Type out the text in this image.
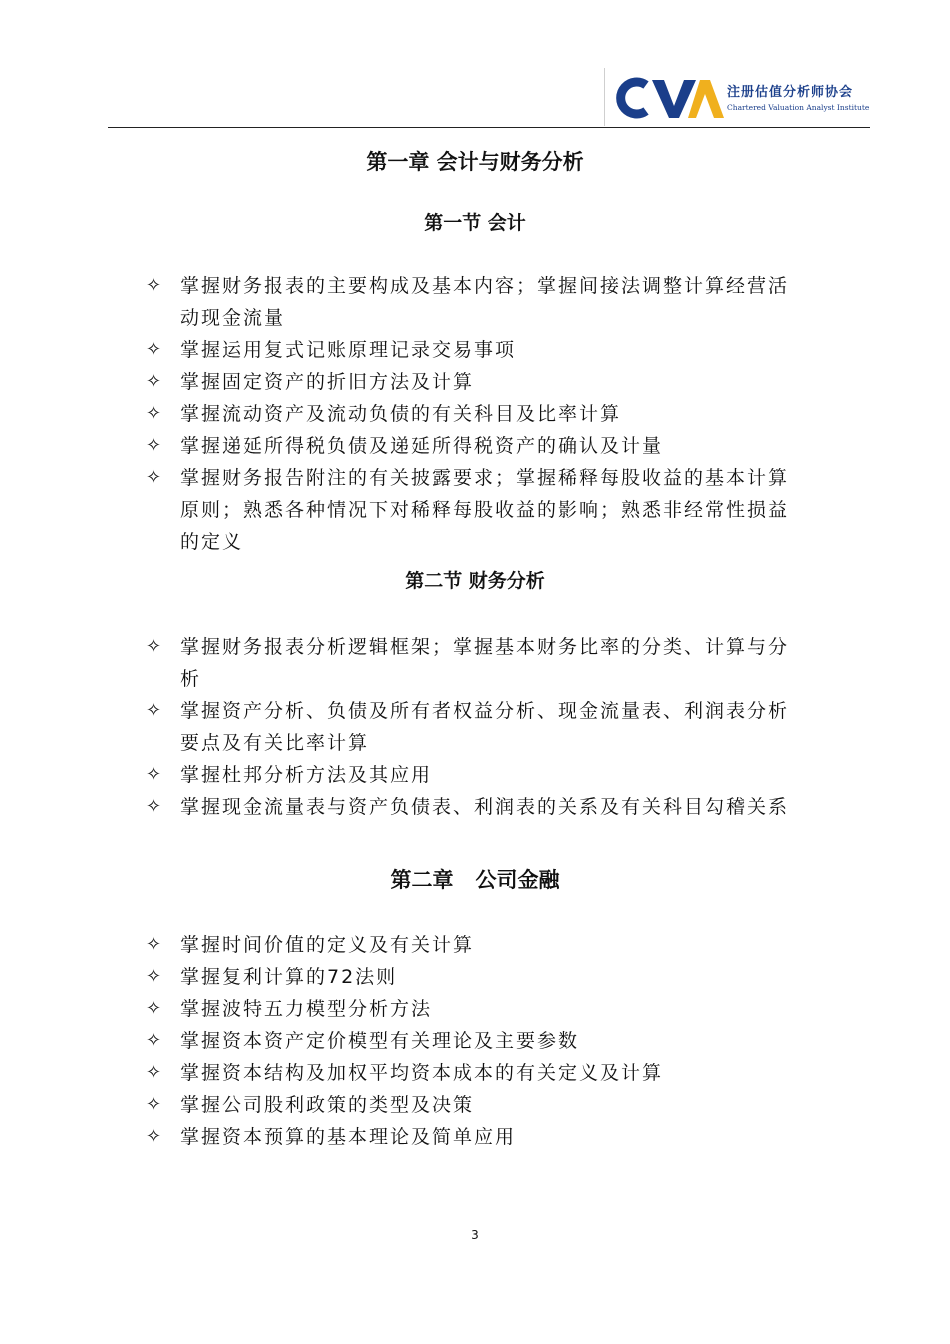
注册估值分析师协会
Chartered Valuation Analyst Institute
第一章 会计与财务分析
第一节 会计
✧ 掌握财务报表的主要构成及基本内容；掌握间接法调整计算经营活动现金流量
✧ 掌握运用复式记账原理记录交易事项
✧ 掌握固定资产的折旧方法及计算
✧ 掌握流动资产及流动负债的有关科目及比率计算
✧ 掌握递延所得税负债及递延所得税资产的确认及计量
✧ 掌握财务报告附注的有关披露要求；掌握稀释每股收益的基本计算原则；熟悉各种情况下对稀释每股收益的影响；熟悉非经常性损益的定义
第二节 财务分析
✧ 掌握财务报表分析逻辑框架；掌握基本财务比率的分类、计算与分析
✧ 掌握资产分析、负债及所有者权益分析、现金流量表、利润表分析要点及有关比率计算
✧ 掌握杜邦分析方法及其应用
✧ 掌握现金流量表与资产负债表、利润表的关系及有关科目勾稽关系
第二章   公司金融
✧ 掌握时间价值的定义及有关计算
✧ 掌握复利计算的72法则
✧ 掌握波特五力模型分析方法
✧ 掌握资本资产定价模型有关理论及主要参数
✧ 掌握资本结构及加权平均资本成本的有关定义及计算
✧ 掌握公司股利政策的类型及决策
✧ 掌握资本预算的基本理论及简单应用
3
